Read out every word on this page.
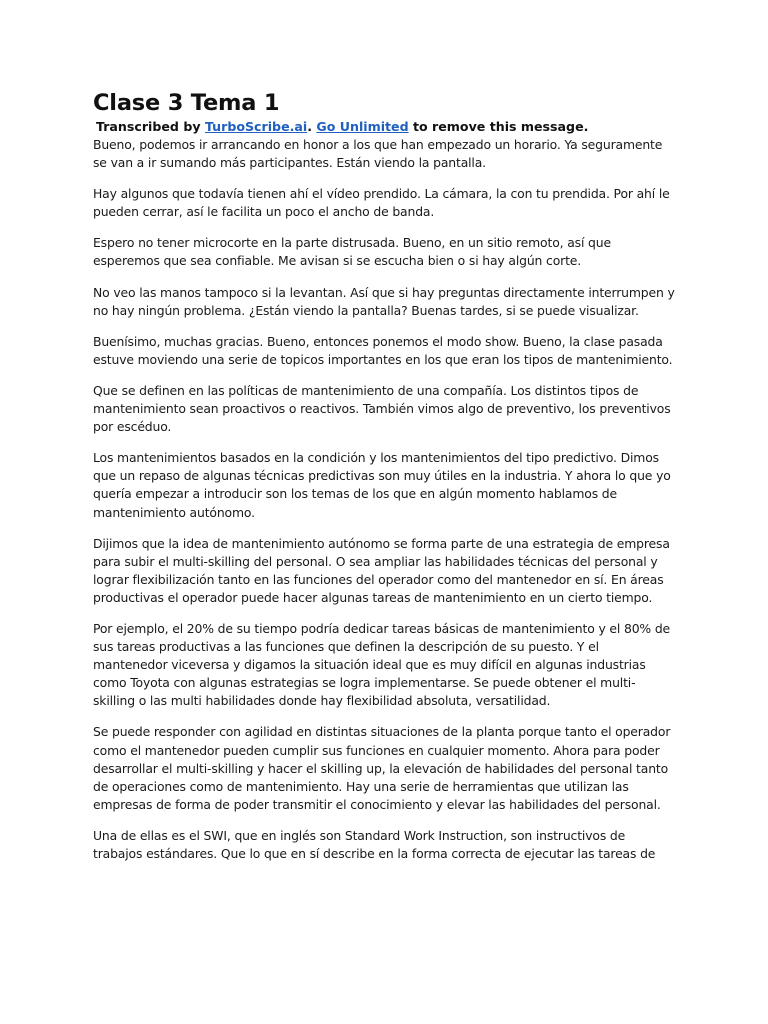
Clase 3 Tema 1

Transcribed by TurboScribe.ai. Go Unlimited to remove this message.

Bueno, podemos ir arrancando en honor a los que han empezado un horario. Ya seguramente se van a ir sumando más participantes. Están viendo la pantalla.

Hay algunos que todavía tienen ahí el vídeo prendido. La cámara, la con tu prendida. Por ahí le pueden cerrar, así le facilita un poco el ancho de banda.

Espero no tener microcorte en la parte distrusada. Bueno, en un sitio remoto, así que esperemos que sea confiable. Me avisan si se escucha bien o si hay algún corte.

No veo las manos tampoco si la levantan. Así que si hay preguntas directamente interrumpen y no hay ningún problema. ¿Están viendo la pantalla? Buenas tardes, si se puede visualizar.

Buenísimo, muchas gracias. Bueno, entonces ponemos el modo show. Bueno, la clase pasada estuve moviendo una serie de topicos importantes en los que eran los tipos de mantenimiento.

Que se definen en las políticas de mantenimiento de una compañía. Los distintos tipos de mantenimiento sean proactivos o reactivos. También vimos algo de preventivo, los preventivos por escéduo.

Los mantenimientos basados en la condición y los mantenimientos del tipo predictivo. Dimos que un repaso de algunas técnicas predictivas son muy útiles en la industria. Y ahora lo que yo quería empezar a introducir son los temas de los que en algún momento hablamos de mantenimiento autónomo.

Dijimos que la idea de mantenimiento autónomo se forma parte de una estrategia de empresa para subir el multi-skilling del personal. O sea ampliar las habilidades técnicas del personal y lograr flexibilización tanto en las funciones del operador como del mantenedor en sí. En áreas productivas el operador puede hacer algunas tareas de mantenimiento en un cierto tiempo.

Por ejemplo, el 20% de su tiempo podría dedicar tareas básicas de mantenimiento y el 80% de sus tareas productivas a las funciones que definen la descripción de su puesto. Y el mantenedor viceversa y digamos la situación ideal que es muy difícil en algunas industrias como Toyota con algunas estrategias se logra implementarse. Se puede obtener el multi-skilling o las multi habilidades donde hay flexibilidad absoluta, versatilidad.

Se puede responder con agilidad en distintas situaciones de la planta porque tanto el operador como el mantenedor pueden cumplir sus funciones en cualquier momento. Ahora para poder desarrollar el multi-skilling y hacer el skilling up, la elevación de habilidades del personal tanto de operaciones como de mantenimiento. Hay una serie de herramientas que utilizan las empresas de forma de poder transmitir el conocimiento y elevar las habilidades del personal.

Una de ellas es el SWI, que en inglés son Standard Work Instruction, son instructivos de trabajos estándares. Que lo que en sí describe en la forma correcta de ejecutar las tareas de
